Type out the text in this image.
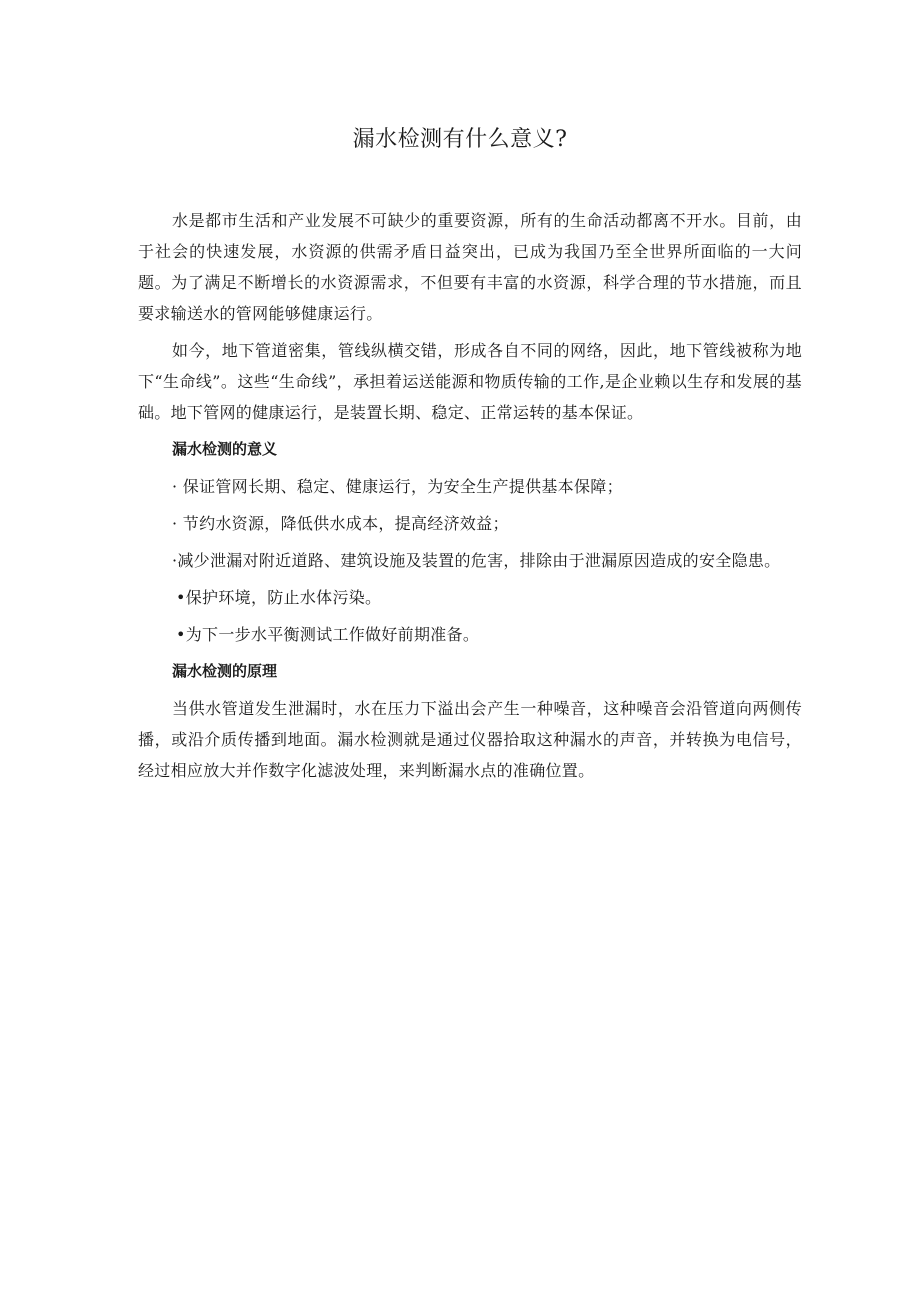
漏水检测有什么意义?

水是都市生活和产业发展不可缺少的重要资源，所有的生命活动都离不开水。目前，由于社会的快速发展，水资源的供需矛盾日益突出，已成为我国乃至全世界所面临的一大问题。为了满足不断增长的水资源需求，不但要有丰富的水资源，科学合理的节水措施，而且要求输送水的管网能够健康运行。

如今，地下管道密集，管线纵横交错，形成各自不同的网络，因此，地下管线被称为地下“生命线”。这些“生命线”，承担着运送能源和物质传输的工作,是企业赖以生存和发展的基础。地下管网的健康运行，是装置长期、稳定、正常运转的基本保证。

漏水检测的意义

· 保证管网长期、稳定、健康运行，为安全生产提供基本保障；

· 节约水资源，降低供水成本，提高经济效益；

·减少泄漏对附近道路、建筑设施及装置的危害，排除由于泄漏原因造成的安全隐患。

•保护环境，防止水体污染。

•为下一步水平衡测试工作做好前期准备。

漏水检测的原理

当供水管道发生泄漏时，水在压力下溢出会产生一种噪音，这种噪音会沿管道向两侧传播，或沿介质传播到地面。漏水检测就是通过仪器拾取这种漏水的声音，并转换为电信号，经过相应放大并作数字化滤波处理，来判断漏水点的准确位置。
